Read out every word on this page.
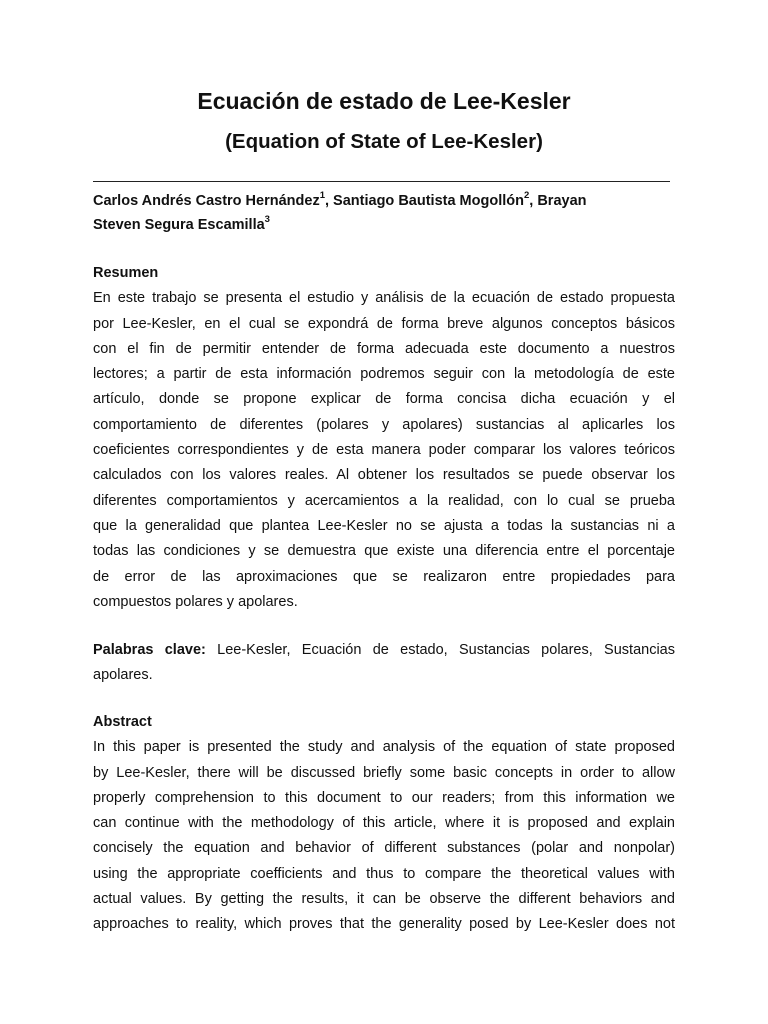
Ecuación de estado de Lee-Kesler
(Equation of State of Lee-Kesler)
Carlos Andrés Castro Hernández$^1$, Santiago Bautista Mogollón$^2$, Brayan
Steven Segura Escamilla$^3$
Resumen
En este trabajo se presenta el estudio y análisis de la ecuación de estado propuesta
por Lee-Kesler, en el cual se expondrá de forma breve algunos conceptos básicos
con el fin de permitir entender de forma adecuada este documento a nuestros
lectores; a partir de esta información podremos seguir con la metodología de este
artículo, donde se propone explicar de forma concisa dicha ecuación y el
comportamiento de diferentes (polares y apolares) sustancias al aplicarles los
coeficientes correspondientes y de esta manera poder comparar los valores teóricos
calculados con los valores reales. Al obtener los resultados se puede observar los
diferentes comportamientos y acercamientos a la realidad, con lo cual se prueba
que la generalidad que plantea Lee-Kesler no se ajusta a todas la sustancias ni a
todas las condiciones y se demuestra que existe una diferencia entre el porcentaje
de error de las aproximaciones que se realizaron entre propiedades para
compuestos polares y apolares.
Palabras clave: Lee-Kesler, Ecuación de estado, Sustancias polares, Sustancias
apolares.
Abstract
In this paper is presented the study and analysis of the equation of state proposed
by Lee-Kesler, there will be discussed briefly some basic concepts in order to allow
properly comprehension to this document to our readers; from this information we
can continue with the methodology of this article, where it is proposed and explain
concisely the equation and behavior of different substances (polar and nonpolar)
using the appropriate coefficients and thus to compare the theoretical values with
actual values. By getting the results, it can be observe the different behaviors and
approaches to reality, which proves that the generality posed by Lee-Kesler does not
